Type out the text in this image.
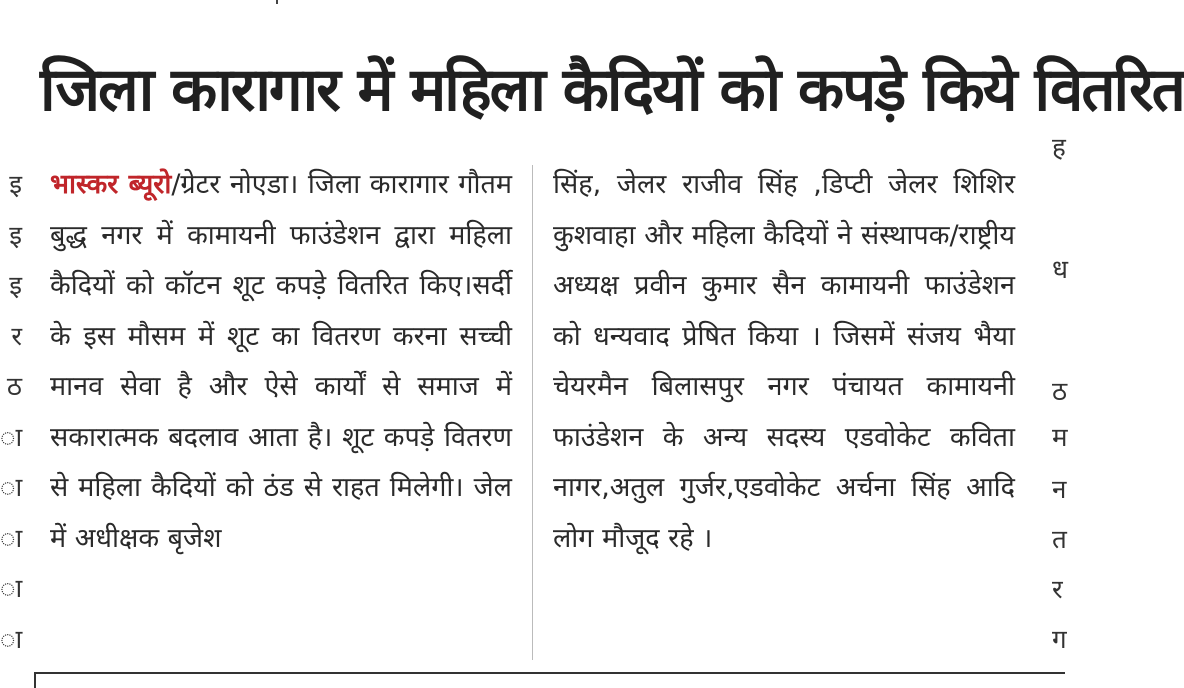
जिला कारागार में महिला कैदियों को कपड़े किये वितरित
इ
इ
इ
र
ठ
ा
ा
ा
ा
ा
भास्कर ब्यूरो/ग्रेटर नोएडा। जिला कारागार गौतम बुद्ध नगर में कामायनी फाउंडेशन द्वारा महिला कैदियों को कॉटन शूट कपड़े वितरित किए।सर्दी के इस मौसम में शूट का वितरण करना सच्ची मानव सेवा है और ऐसे कार्यों से समाज में सकारात्मक बदलाव आता है। शूट कपड़े वितरण से महिला कैदियों को ठंड से राहत मिलेगी। जेल में अधीक्षक बृजेश
सिंह, जेलर राजीव सिंह ,डिप्टी जेलर शिशिर कुशवाहा और महिला कैदियों ने संस्थापक/राष्ट्रीय अध्यक्ष प्रवीन कुमार सैन कामायनी फाउंडेशन को धन्यवाद प्रेषित किया । जिसमें संजय भैया चेयरमैन बिलासपुर नगर पंचायत कामायनी फाउंडेशन के अन्य सदस्य एडवोकेट कविता नागर,अतुल गुर्जर,एडवोकेट अर्चना सिंह आदि लोग मौजूद रहे ।
ह
ध
ठ
म
न
त
र
ग
